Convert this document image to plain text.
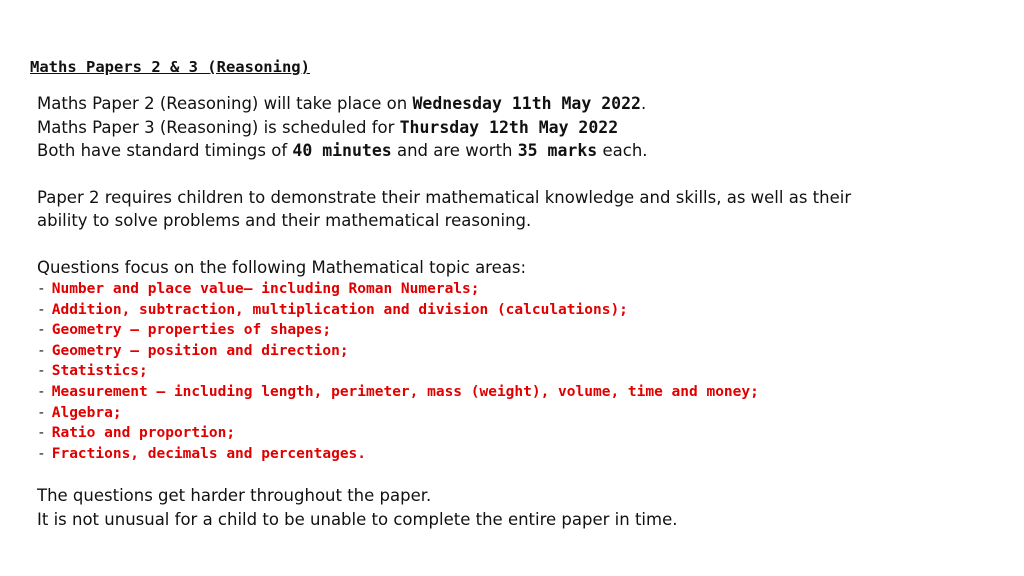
Maths Papers 2 & 3 (Reasoning)
Maths Paper 2 (Reasoning) will take place on Wednesday 11th May 2022.
Maths Paper 3 (Reasoning) is scheduled for Thursday 12th May 2022
Both have standard timings of 40 minutes and are worth 35 marks each.
Paper 2 requires children to demonstrate their mathematical knowledge and skills, as well as their
ability to solve problems and their mathematical reasoning.
Questions focus on the following Mathematical topic areas:
- Number and place value– including Roman Numerals;
- Addition, subtraction, multiplication and division (calculations);
- Geometry – properties of shapes;
- Geometry – position and direction;
- Statistics;
- Measurement – including length, perimeter, mass (weight), volume, time and money;
- Algebra;
- Ratio and proportion;
- Fractions, decimals and percentages.
The questions get harder throughout the paper.
It is not unusual for a child to be unable to complete the entire paper in time.
